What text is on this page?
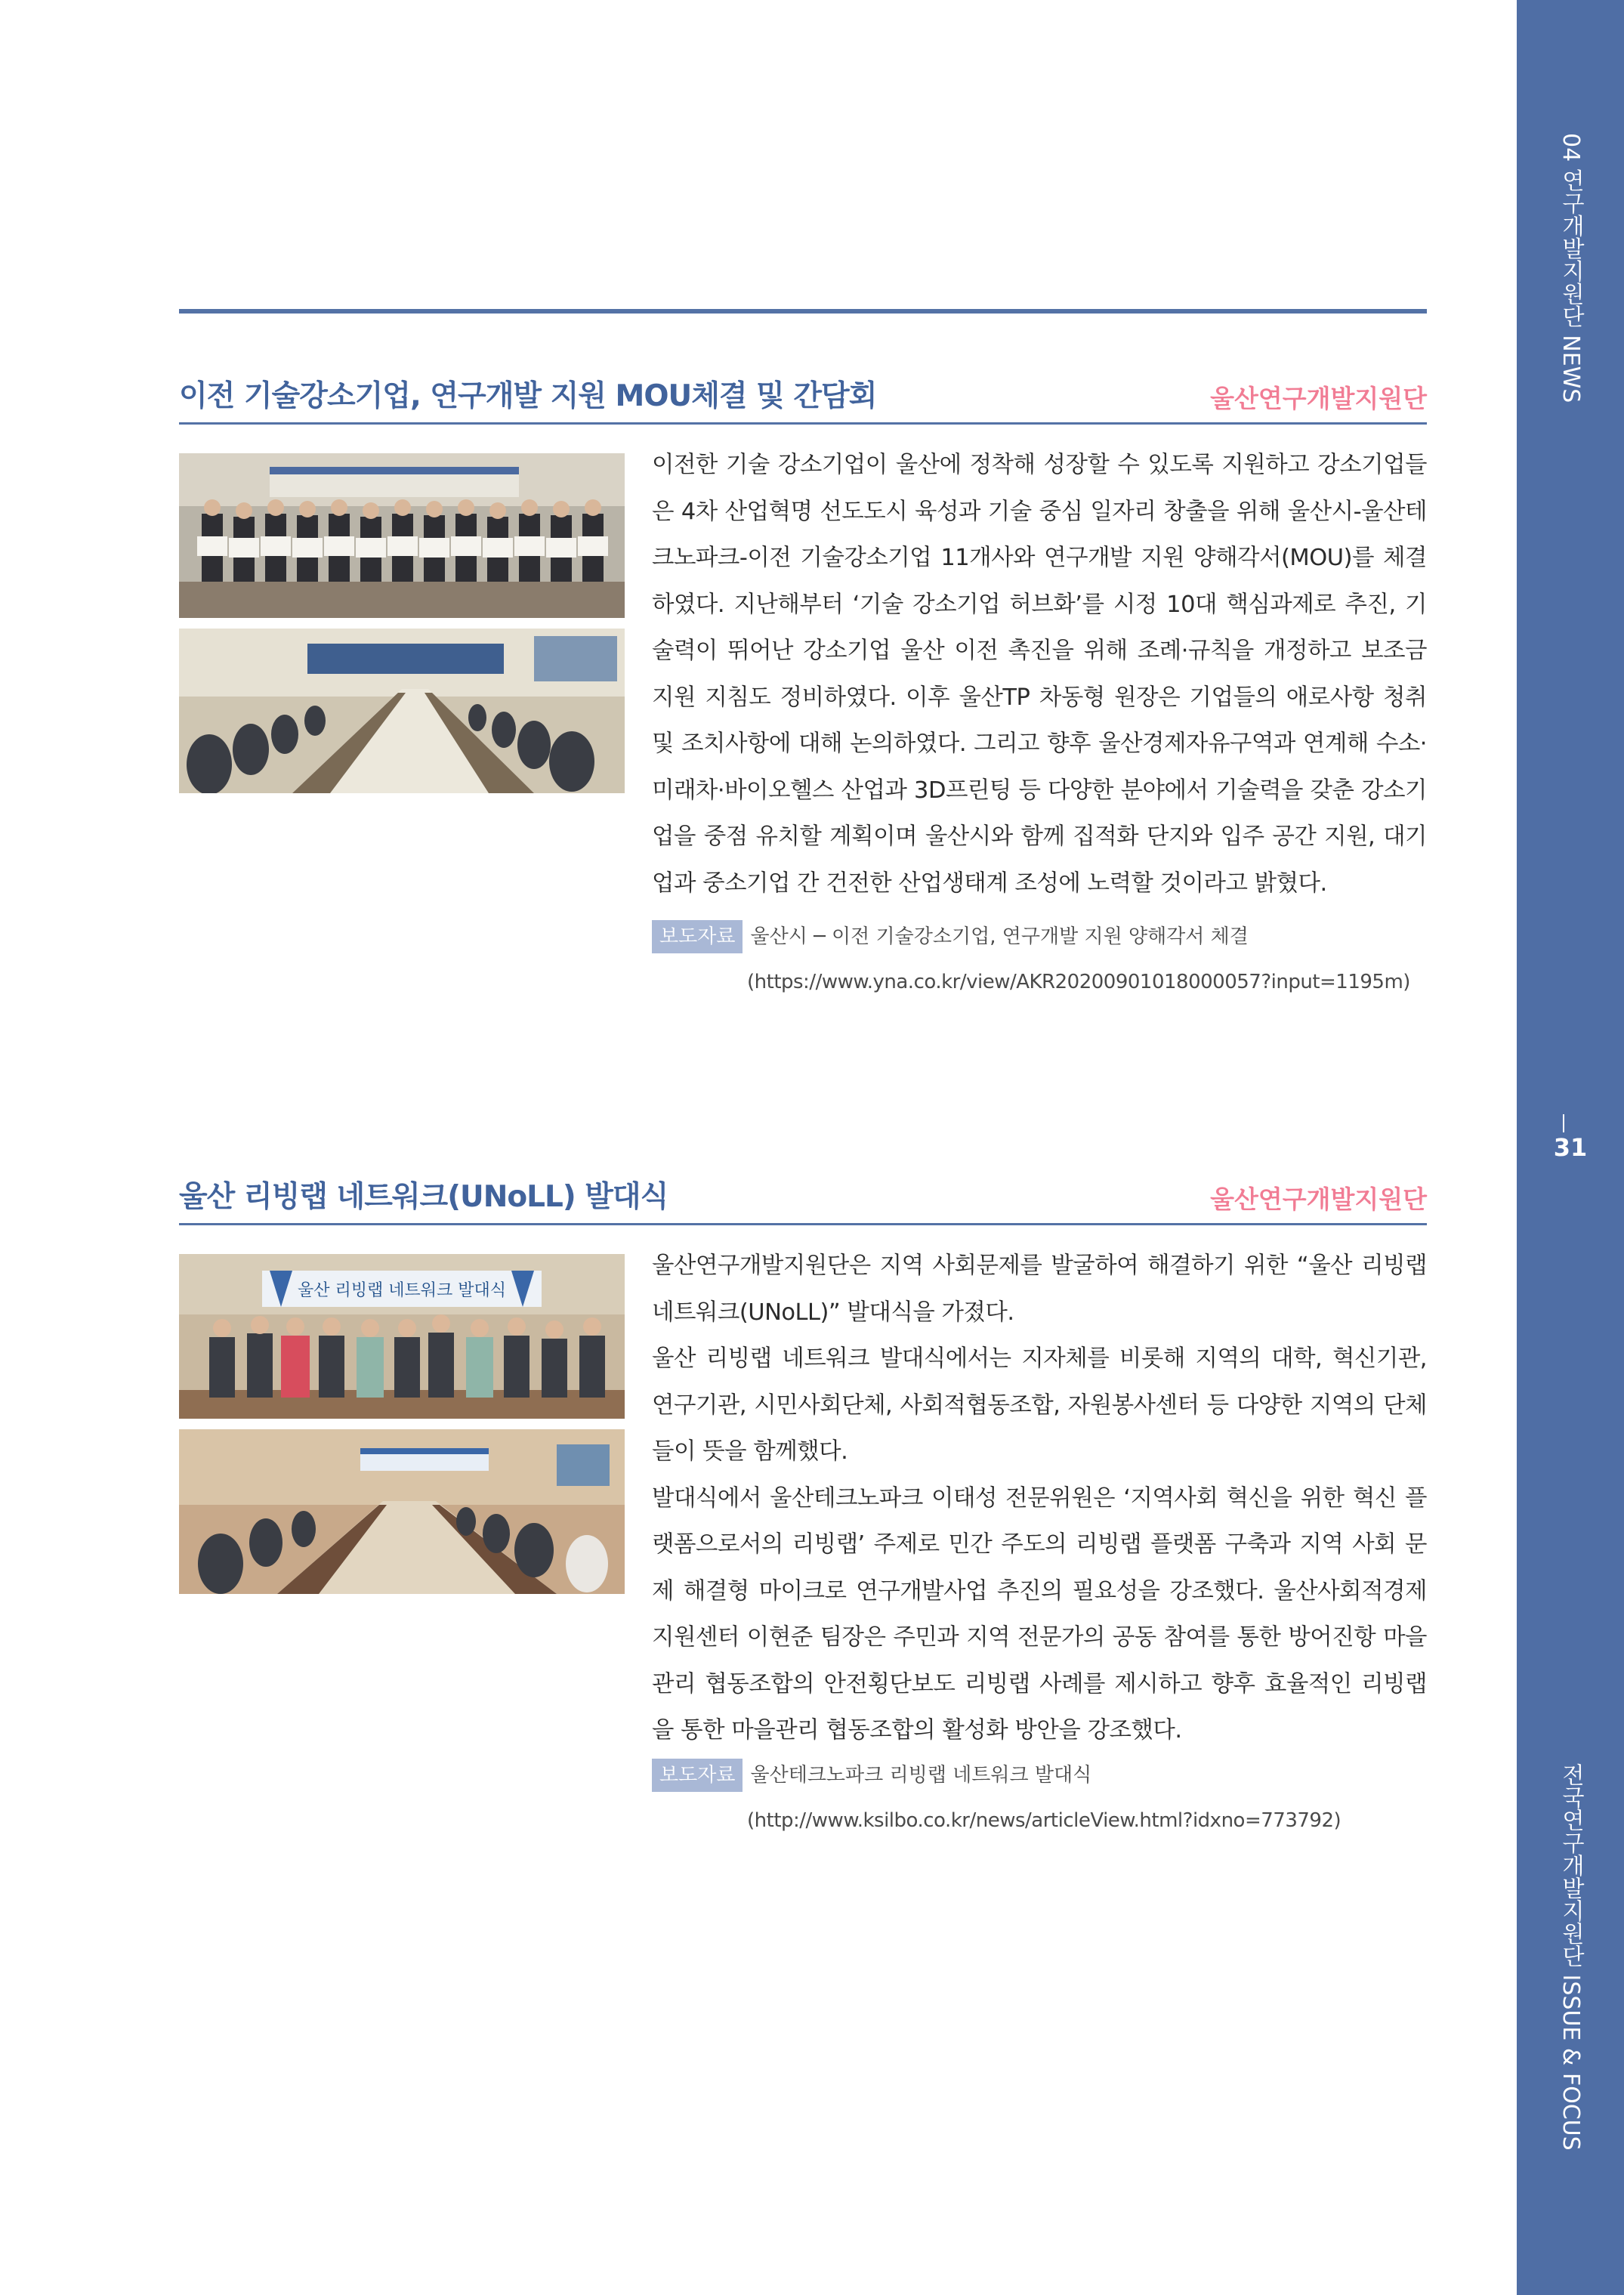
04 연구개발지원단 NEWS
31
전국연구개발지원단 ISSUE & FOCUS
이전 기술강소기업, 연구개발 지원 MOU체결 및 간담회	울산연구개발지원단

이전한 기술 강소기업이 울산에 정착해 성장할 수 있도록 지원하고 강소기업들은 4차 산업혁명 선도도시 육성과 기술 중심 일자리 창출을 위해 울산시-울산테크노파크-이전 기술강소기업 11개사와 연구개발 지원 양해각서(MOU)를 체결하였다. 지난해부터 ‘기술 강소기업 허브화’를 시정 10대 핵심과제로 추진, 기술력이 뛰어난 강소기업 울산 이전 촉진을 위해 조례·규칙을 개정하고 보조금 지원 지침도 정비하였다. 이후 울산TP 차동형 원장은 기업들의 애로사항 청취 및 조치사항에 대해 논의하였다. 그리고 향후 울산경제자유구역과 연계해 수소·미래차·바이오헬스 산업과 3D프린팅 등 다양한 분야에서 기술력을 갖춘 강소기업을 중점 유치할 계획이며 울산시와 함께 집적화 단지와 입주 공간 지원, 대기업과 중소기업 간 건전한 산업생태계 조성에 노력할 것이라고 밝혔다.

보도자료 울산시 ─ 이전 기술강소기업, 연구개발 지원 양해각서 체결
(https://www.yna.co.kr/view/AKR20200901018000057?input=1195m)
울산 리빙랩 네트워크(UNoLL) 발대식	울산연구개발지원단
울산 리빙랩 네트워크 발대식

울산연구개발지원단은 지역 사회문제를 발굴하여 해결하기 위한 “울산 리빙랩 네트워크(UNoLL)” 발대식을 가졌다.

울산 리빙랩 네트워크 발대식에서는 지자체를 비롯해 지역의 대학, 혁신기관, 연구기관, 시민사회단체, 사회적협동조합, 자원봉사센터 등 다양한 지역의 단체들이 뜻을 함께했다.

발대식에서 울산테크노파크 이태성 전문위원은 ‘지역사회 혁신을 위한 혁신 플랫폼으로서의 리빙랩’ 주제로 민간 주도의 리빙랩 플랫폼 구축과 지역 사회 문제 해결형 마이크로 연구개발사업 추진의 필요성을 강조했다. 울산사회적경제지원센터 이현준 팀장은 주민과 지역 전문가의 공동 참여를 통한 방어진항 마을관리 협동조합의 안전횡단보도 리빙랩 사례를 제시하고 향후 효율적인 리빙랩을 통한 마을관리 협동조합의 활성화 방안을 강조했다.

보도자료 울산테크노파크 리빙랩 네트워크 발대식
(http://www.ksilbo.co.kr/news/articleView.html?idxno=773792)
